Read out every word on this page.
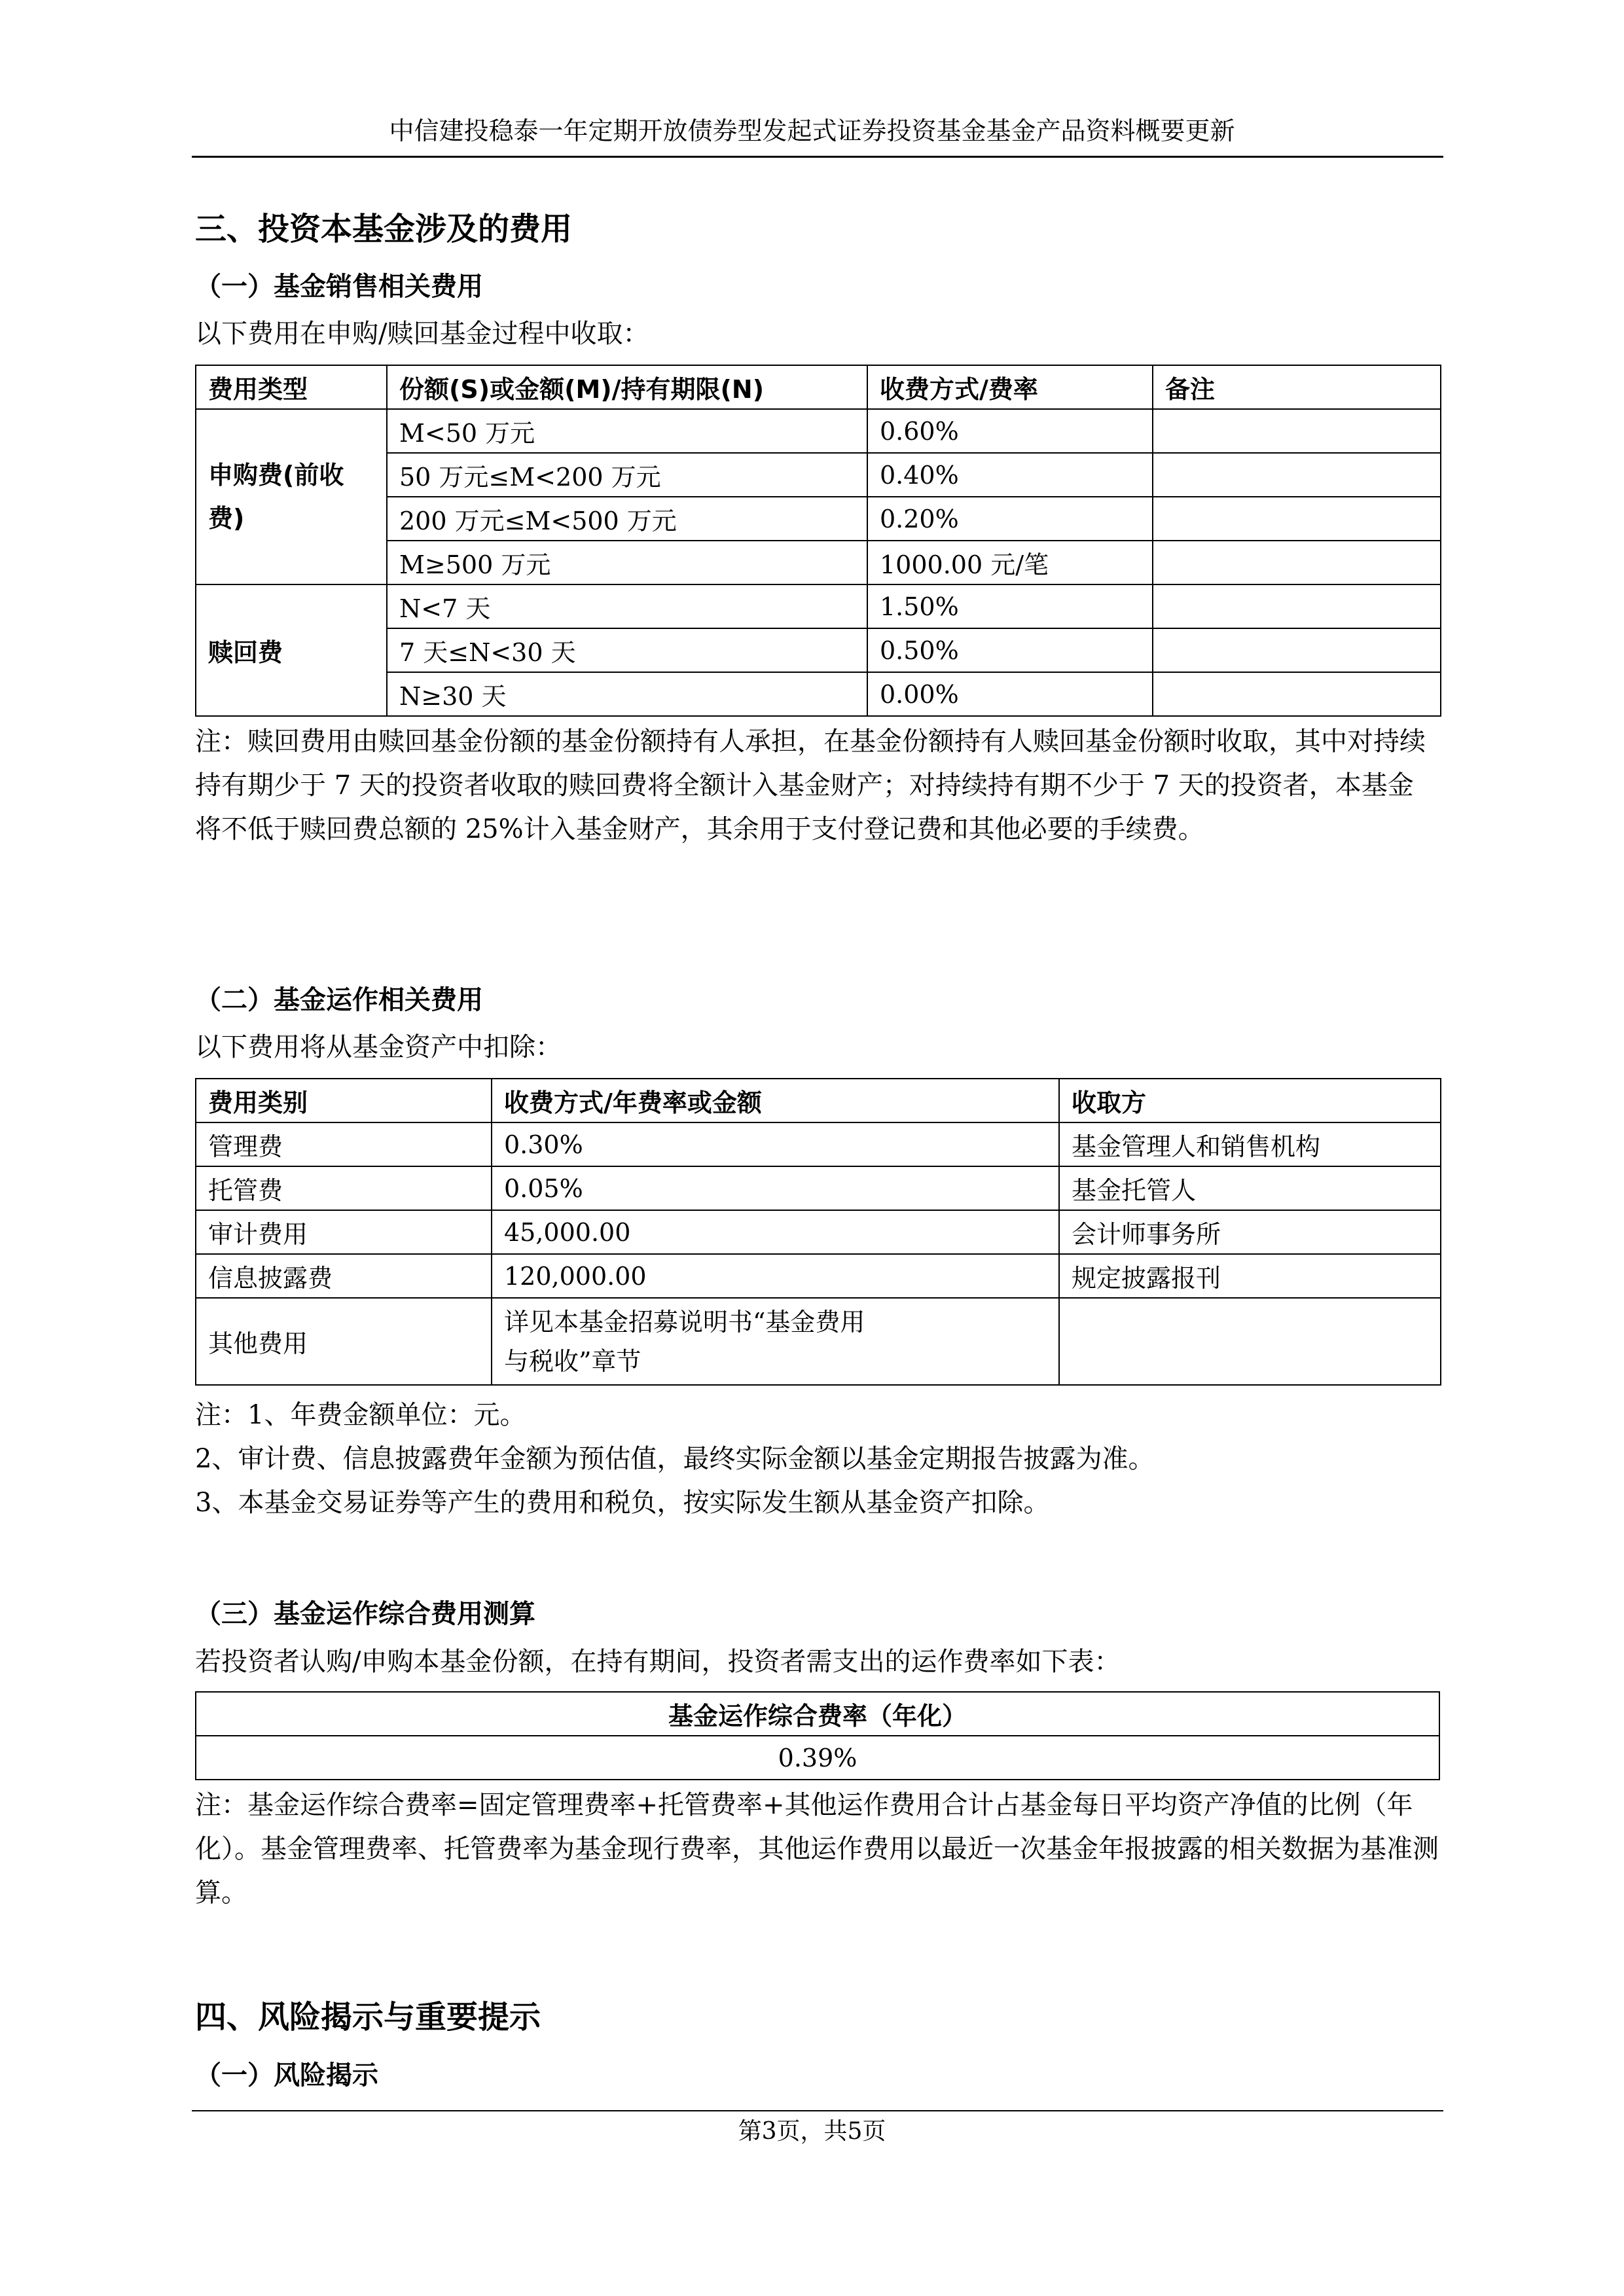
中信建投稳泰一年定期开放债券型发起式证券投资基金基金产品资料概要更新
三、投资本基金涉及的费用
（一）基金销售相关费用
以下费用在申购/赎回基金过程中收取：
费用类型	份额(S)或金额(M)/持有期限(N)	收费方式/费率	备注
申购费(前收费)	M<50 万元	0.60%	
	50 万元≤M<200 万元	0.40%	
	200 万元≤M<500 万元	0.20%	
	M≥500 万元	1000.00 元/笔	
赎回费	N<7 天	1.50%	
	7 天≤N<30 天	0.50%	
	N≥30 天	0.00%	
注：赎回费用由赎回基金份额的基金份额持有人承担，在基金份额持有人赎回基金份额时收取，其中对持续持有期少于 7 天的投资者收取的赎回费将全额计入基金财产；对持续持有期不少于 7 天的投资者，本基金将不低于赎回费总额的 25%计入基金财产，其余用于支付登记费和其他必要的手续费。
（二）基金运作相关费用
以下费用将从基金资产中扣除：
费用类别	收费方式/年费率或金额	收取方
管理费	0.30%	基金管理人和销售机构
托管费	0.05%	基金托管人
审计费用	45,000.00	会计师事务所
信息披露费	120,000.00	规定披露报刊
其他费用	详见本基金招募说明书“基金费用与税收”章节	
注：1、年费金额单位：元。
2、审计费、信息披露费年金额为预估值，最终实际金额以基金定期报告披露为准。
3、本基金交易证券等产生的费用和税负，按实际发生额从基金资产扣除。
（三）基金运作综合费用测算
若投资者认购/申购本基金份额，在持有期间，投资者需支出的运作费率如下表：
基金运作综合费率（年化）
0.39%
注：基金运作综合费率=固定管理费率+托管费率+其他运作费用合计占基金每日平均资产净值的比例（年化）。基金管理费率、托管费率为基金现行费率，其他运作费用以最近一次基金年报披露的相关数据为基准测算。
四、风险揭示与重要提示
（一）风险揭示
第3页，共5页
